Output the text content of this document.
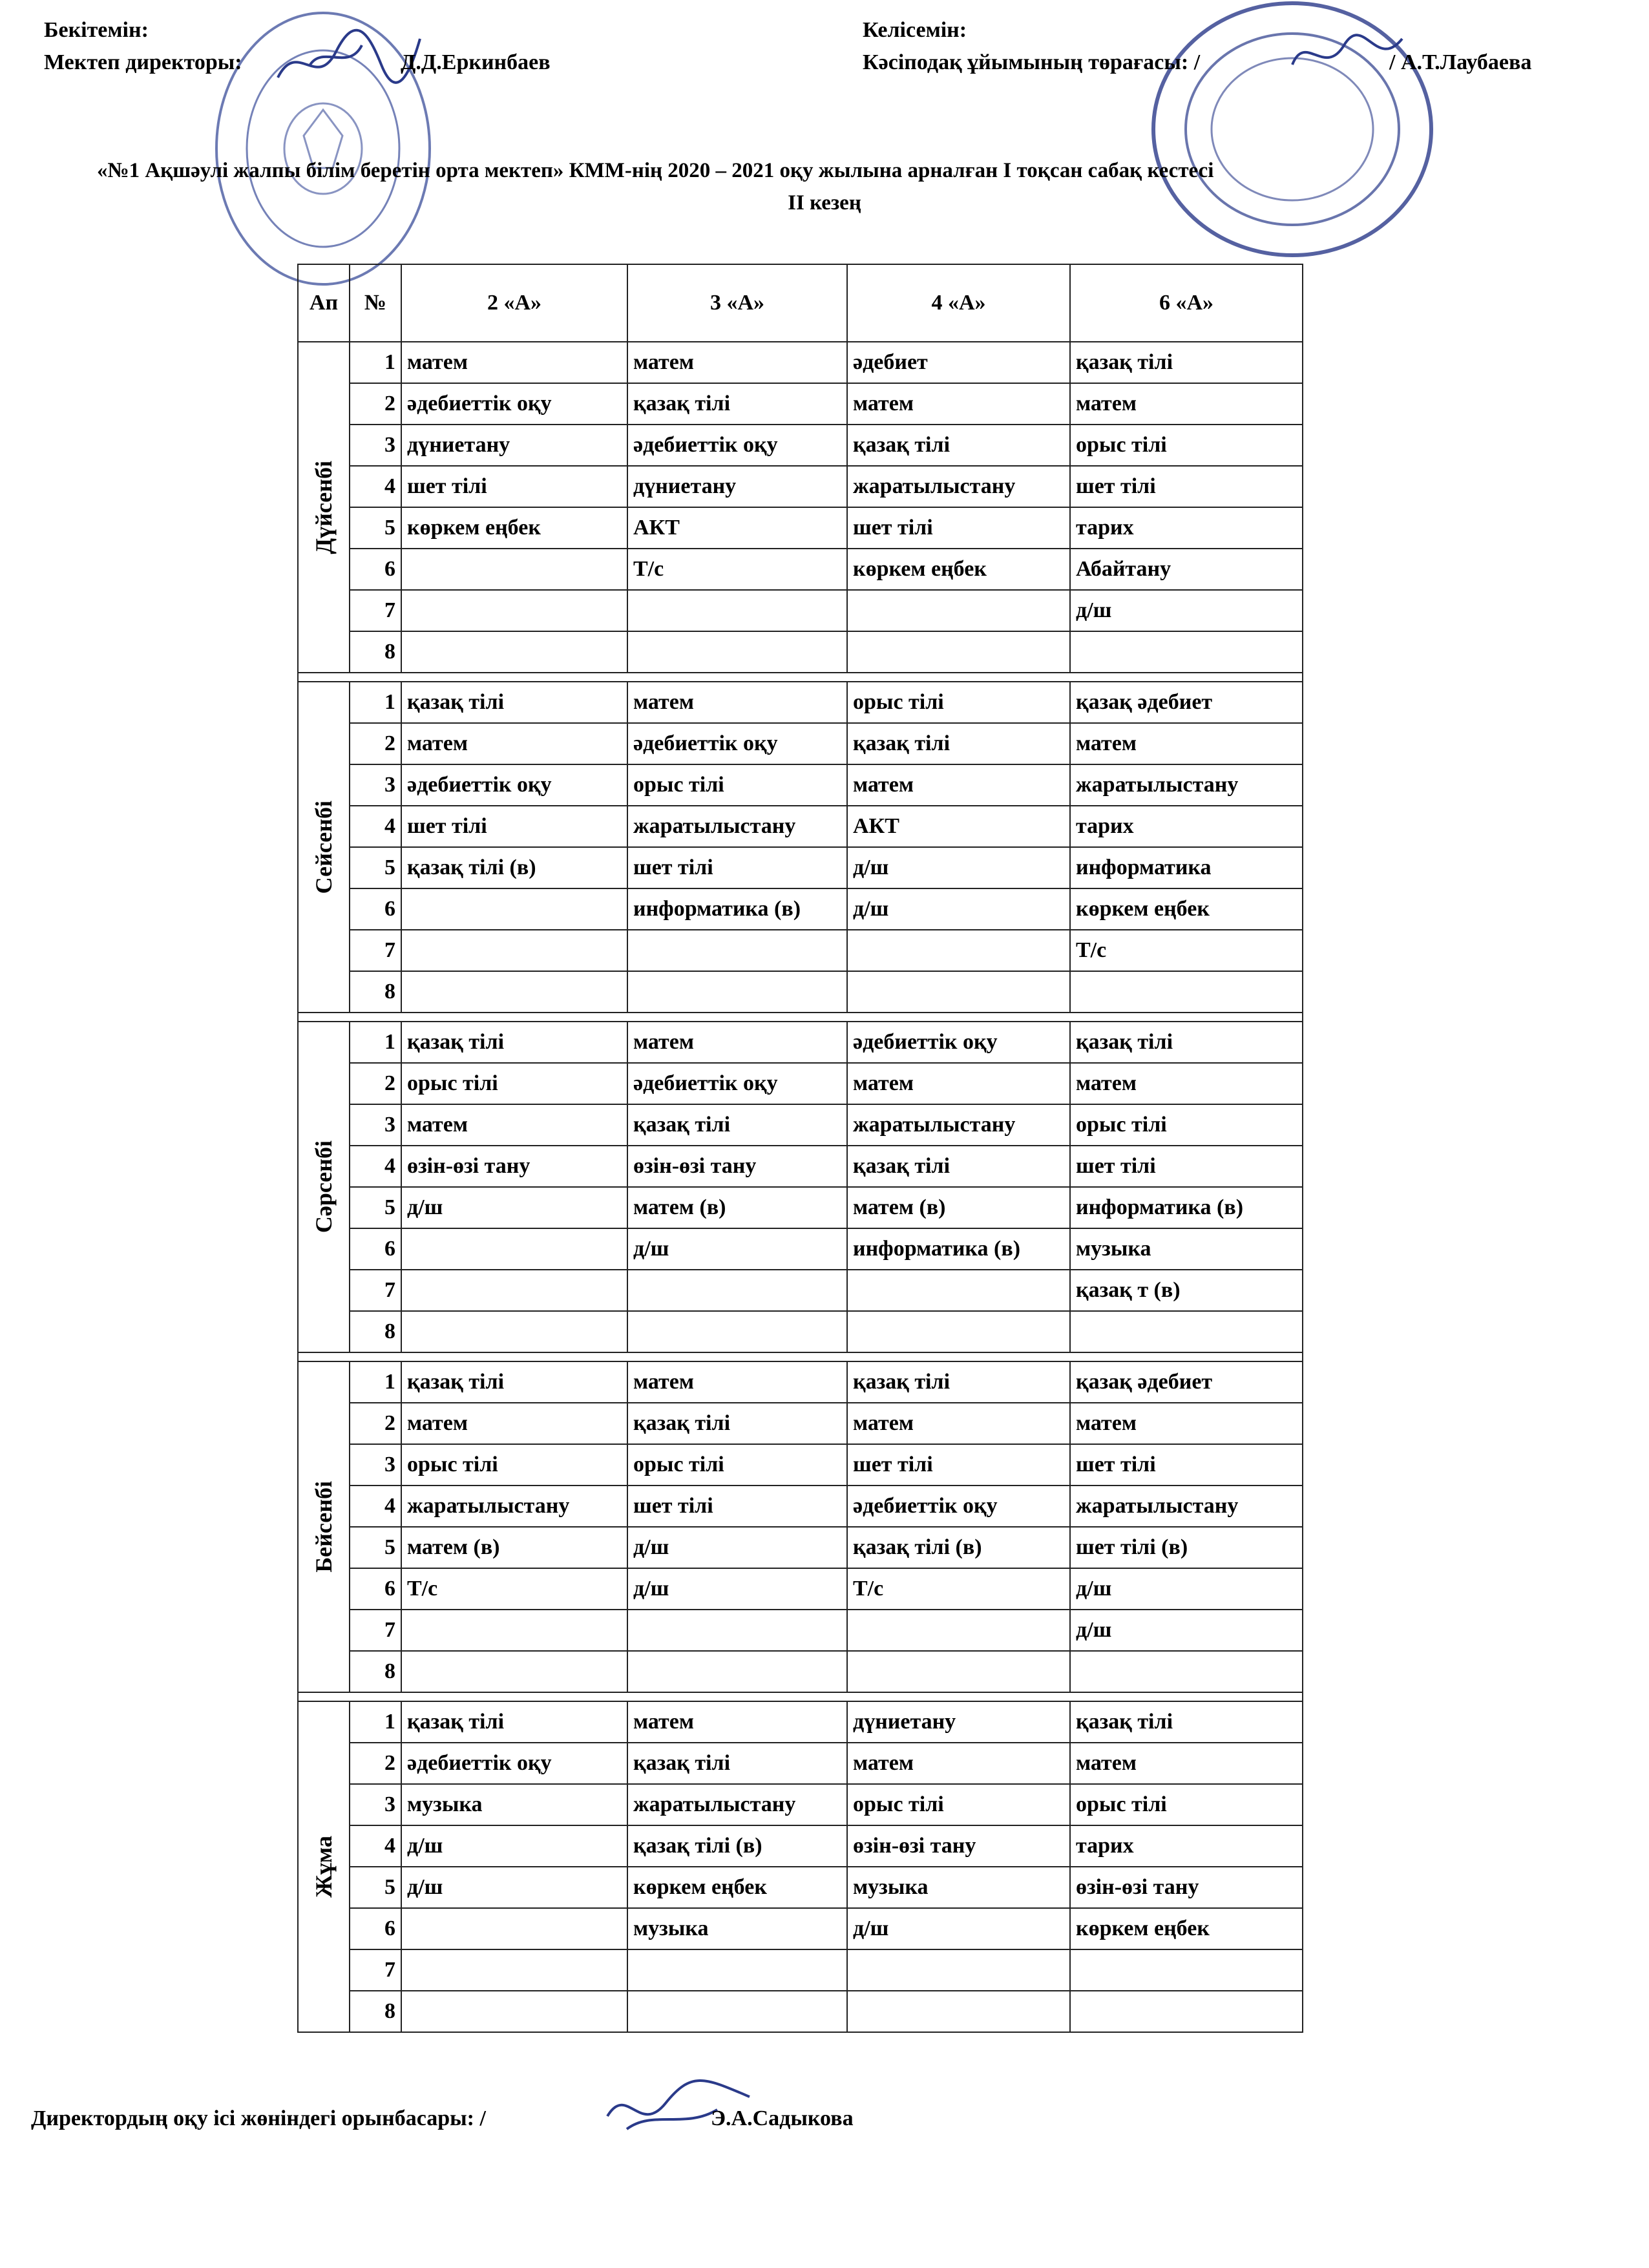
Бекітемін:
Мектеп директоры:	Д.Д.Еркинбаев
Келісемін:
Кәсіподақ ұйымының төрағасы: /	/ А.Т.Лаубаева
«№1 Ақшәулі жалпы білім беретін орта мектеп» КММ-нің 2020 – 2021 оқу жылына арналған І тоқсан сабақ кестесі
ІІ кезең
Ап	№	2 «А»	3 «А»	4 «А»	6 «А»

Дүйсенбі	1	матем	матем	әдебиет	қазақ тілі
	2	әдебиеттік оқу	қазақ тілі	матем	матем
	3	дүниетану	әдебиеттік оқу	қазақ тілі	орыс тілі
	4	шет тілі	дүниетану	жаратылыстану	шет тілі
	5	көркем еңбек	АКТ	шет тілі	тарих
	6		Т/с	көркем еңбек	Абайтану
	7				д/ш
	8				

Сейсенбі	1	қазақ тілі	матем	орыс тілі	қазақ әдебиет
	2	матем	әдебиеттік оқу	қазақ тілі	матем
	3	әдебиеттік оқу	орыс тілі	матем	жаратылыстану
	4	шет тілі	жаратылыстану	АКТ	тарих
	5	қазақ тілі (в)	шет тілі	д/ш	информатика
	6		информатика (в)	д/ш	көркем еңбек
	7				Т/с
	8				

Сәрсенбі	1	қазақ тілі	матем	әдебиеттік оқу	қазақ тілі
	2	орыс тілі	әдебиеттік оқу	матем	матем
	3	матем	қазақ тілі	жаратылыстану	орыс тілі
	4	өзін-өзі тану	өзін-өзі тану	қазақ тілі	шет тілі
	5	д/ш	матем (в)	матем (в)	информатика (в)
	6		д/ш	информатика (в)	музыка
	7				қазақ т (в)
	8				

Бейсенбі	1	қазақ тілі	матем	қазақ тілі	қазақ әдебиет
	2	матем	қазақ тілі	матем	матем
	3	орыс тілі	орыс тілі	шет тілі	шет тілі
	4	жаратылыстану	шет тілі	әдебиеттік оқу	жаратылыстану
	5	матем (в)	д/ш	қазақ тілі (в)	шет тілі (в)
	6	Т/с	д/ш	Т/с	д/ш
	7				д/ш
	8				

Жұма	1	қазақ тілі	матем	дүниетану	қазақ тілі
	2	әдебиеттік оқу	қазақ тілі	матем	матем
	3	музыка	жаратылыстану	орыс тілі	орыс тілі
	4	д/ш	қазақ тілі (в)	өзін-өзі тану	тарих
	5	д/ш	көркем еңбек	музыка	өзін-өзі тану
	6		музыка	д/ш	көркем еңбек
	7				
	8				
Директордың оқу ісі жөніндегі орынбасары: /	Э.А.Садыкова
